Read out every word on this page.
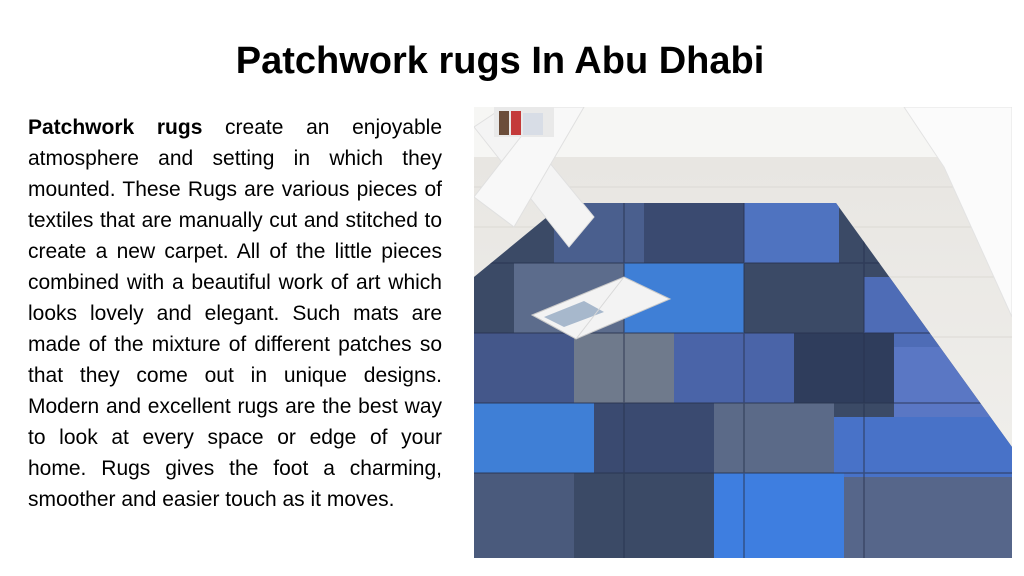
Patchwork rugs In Abu Dhabi

Patchwork rugs create an enjoyable atmosphere and setting in which they mounted. These Rugs are various pieces of textiles that are manually cut and stitched to create a new carpet. All of the little pieces combined with a beautiful work of art which looks lovely and elegant. Such mats are made of the mixture of different patches so that they come out in unique designs. Modern and excellent rugs are the best way to look at every space or edge of your home. Rugs gives the foot a charming, smoother and easier touch as it moves.
